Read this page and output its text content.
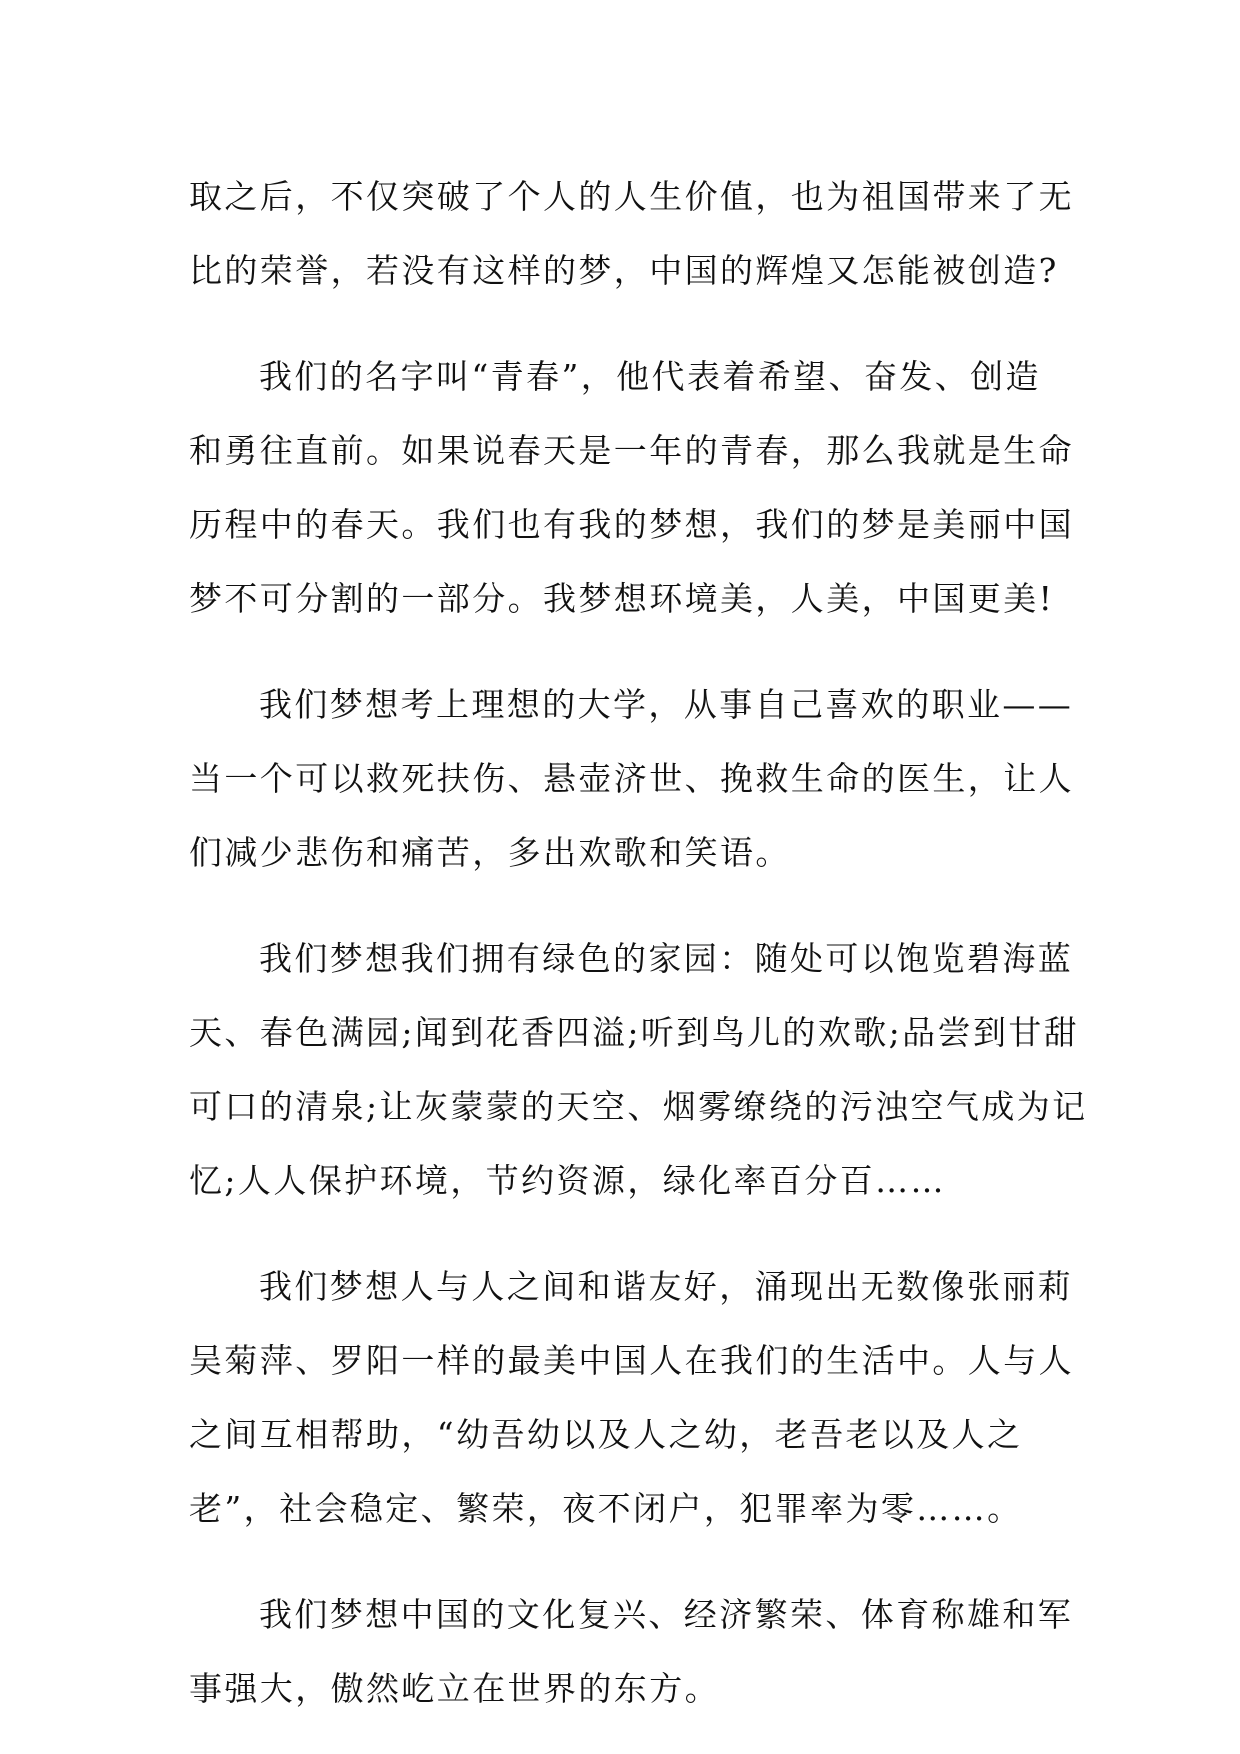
取之后，不仅突破了个人的人生价值，也为祖国带来了无
比的荣誉，若没有这样的梦，中国的辉煌又怎能被创造?
我们的名字叫“青春”，他代表着希望、奋发、创造
和勇往直前。如果说春天是一年的青春，那么我就是生命
历程中的春天。我们也有我的梦想，我们的梦是美丽中国
梦不可分割的一部分。我梦想环境美，人美，中国更美!
我们梦想考上理想的大学，从事自己喜欢的职业——
当一个可以救死扶伤、悬壶济世、挽救生命的医生，让人
们减少悲伤和痛苦，多出欢歌和笑语。
我们梦想我们拥有绿色的家园：随处可以饱览碧海蓝
天、春色满园;闻到花香四溢;听到鸟儿的欢歌;品尝到甘甜
可口的清泉;让灰蒙蒙的天空、烟雾缭绕的污浊空气成为记
忆;人人保护环境，节约资源，绿化率百分百……
我们梦想人与人之间和谐友好，涌现出无数像张丽莉
吴菊萍、罗阳一样的最美中国人在我们的生活中。人与人
之间互相帮助，“幼吾幼以及人之幼，老吾老以及人之
老”，社会稳定、繁荣，夜不闭户，犯罪率为零……。
我们梦想中国的文化复兴、经济繁荣、体育称雄和军
事强大，傲然屹立在世界的东方。
